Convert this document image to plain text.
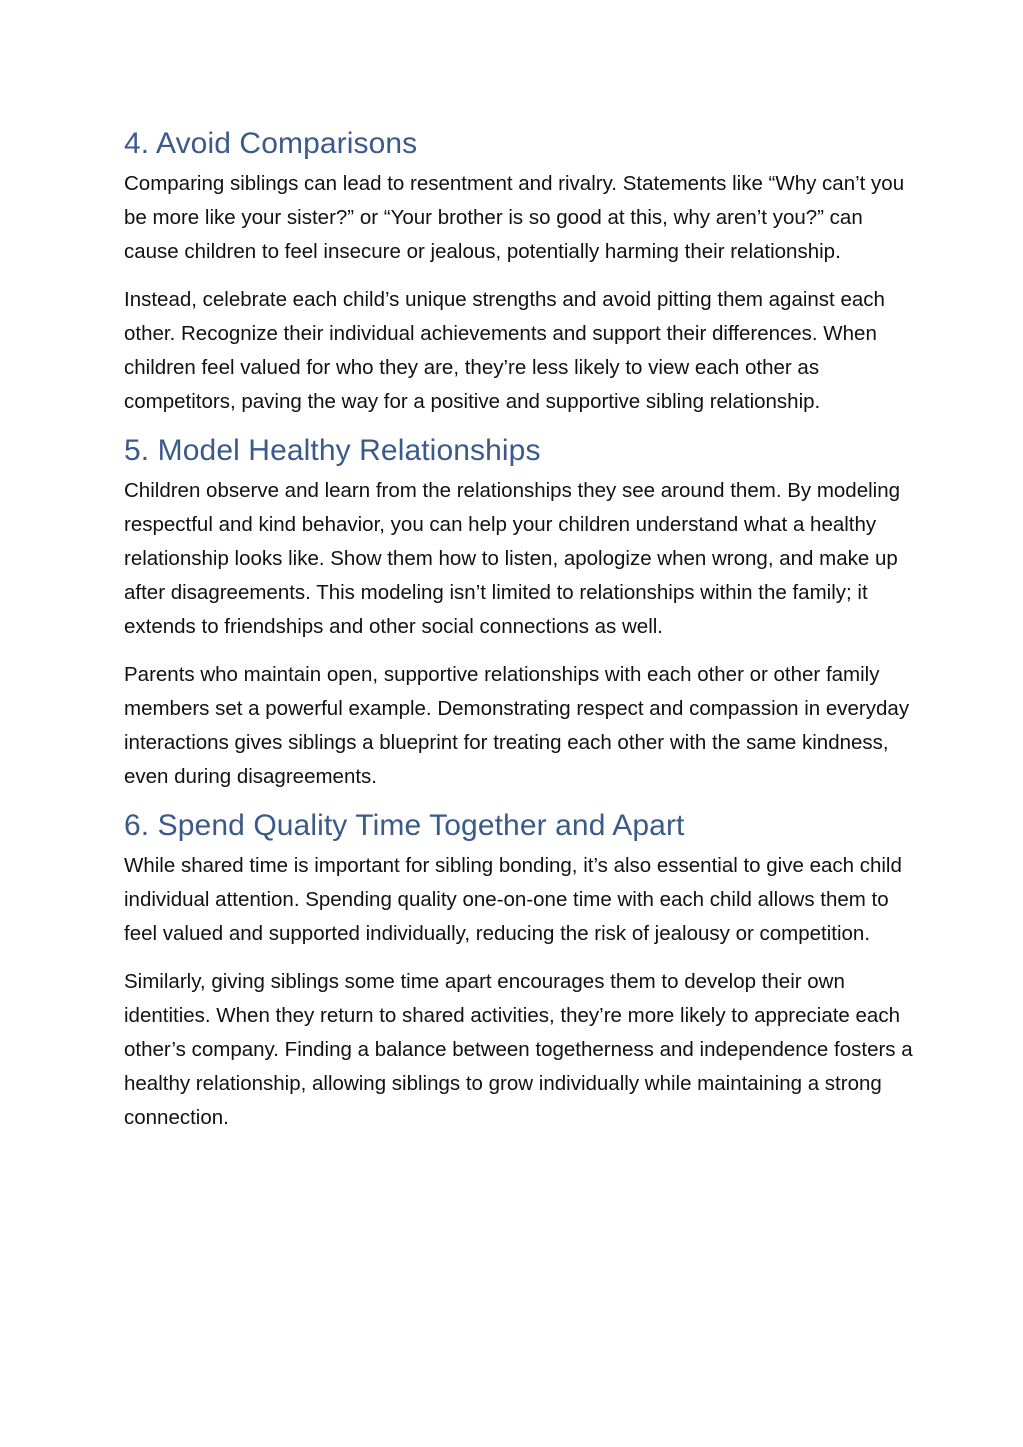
4. Avoid Comparisons

Comparing siblings can lead to resentment and rivalry. Statements like “Why can’t you be more like your sister?” or “Your brother is so good at this, why aren’t you?” can cause children to feel insecure or jealous, potentially harming their relationship.

Instead, celebrate each child’s unique strengths and avoid pitting them against each other. Recognize their individual achievements and support their differences. When children feel valued for who they are, they’re less likely to view each other as competitors, paving the way for a positive and supportive sibling relationship.

5. Model Healthy Relationships

Children observe and learn from the relationships they see around them. By modeling respectful and kind behavior, you can help your children understand what a healthy relationship looks like. Show them how to listen, apologize when wrong, and make up after disagreements. This modeling isn’t limited to relationships within the family; it extends to friendships and other social connections as well.

Parents who maintain open, supportive relationships with each other or other family members set a powerful example. Demonstrating respect and compassion in everyday interactions gives siblings a blueprint for treating each other with the same kindness, even during disagreements.

6. Spend Quality Time Together and Apart

While shared time is important for sibling bonding, it’s also essential to give each child individual attention. Spending quality one-on-one time with each child allows them to feel valued and supported individually, reducing the risk of jealousy or competition.

Similarly, giving siblings some time apart encourages them to develop their own identities. When they return to shared activities, they’re more likely to appreciate each other’s company. Finding a balance between togetherness and independence fosters a healthy relationship, allowing siblings to grow individually while maintaining a strong connection.
